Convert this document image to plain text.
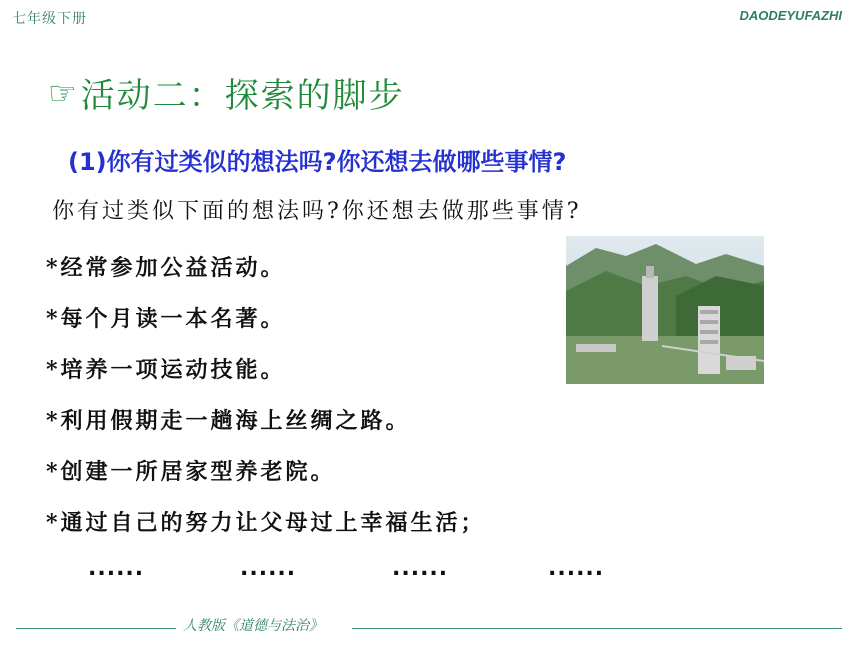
七年级下册	DAODEYUFAZHI
☞ 活动二：探索的脚步
(1)你有过类似的想法吗?你还想去做哪些事情?
你有过类似下面的想法吗?你还想去做那些事情?
*经常参加公益活动。
*每个月读一本名著。
*培养一项运动技能。
*利用假期走一趟海上丝绸之路。
*创建一所居家型养老院。
*通过自己的努力让父母过上幸福生活；
......	......	......	......
人教版《道德与法治》
